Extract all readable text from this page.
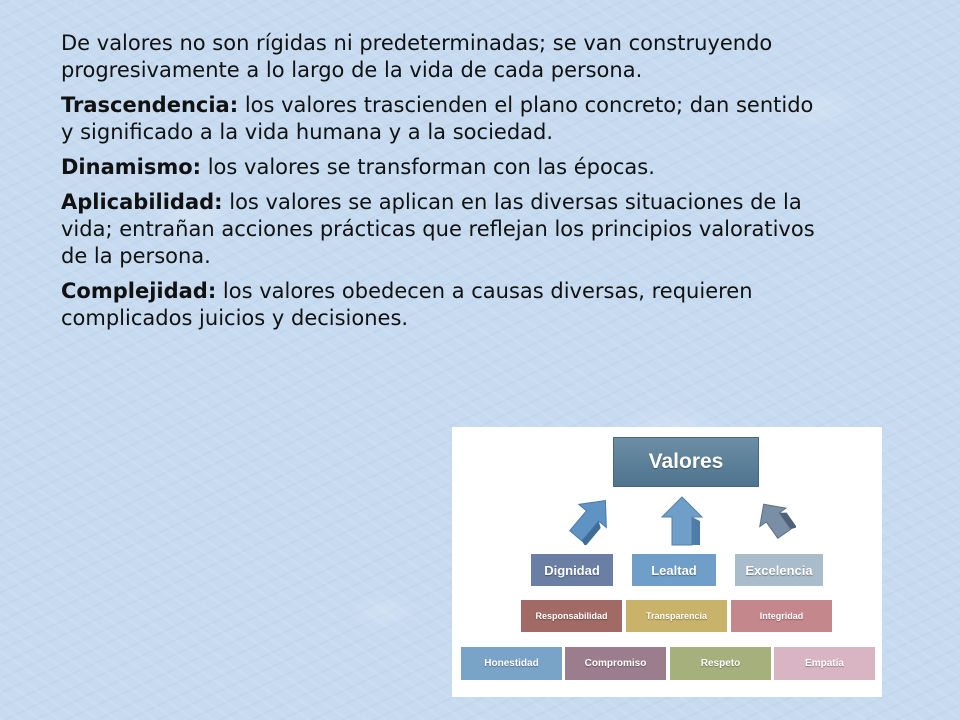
De valores no son rígidas ni predeterminadas; se van construyendo progresivamente a lo largo de la vida de cada persona.

Trascendencia: los valores trascienden el plano concreto; dan sentido y significado a la vida humana y a la sociedad.

Dinamismo: los valores se transforman con las épocas.

Aplicabilidad: los valores se aplican en las diversas situaciones de la vida; entrañan acciones prácticas que reflejan los principios valorativos de la persona.

Complejidad: los valores obedecen a causas diversas, requieren complicados juicios y decisiones.

Valores
Dignidad	Lealtad	Excelencia
Responsabilidad	Transparencia	Integridad
Honestidad	Compromiso	Respeto	Empatía
